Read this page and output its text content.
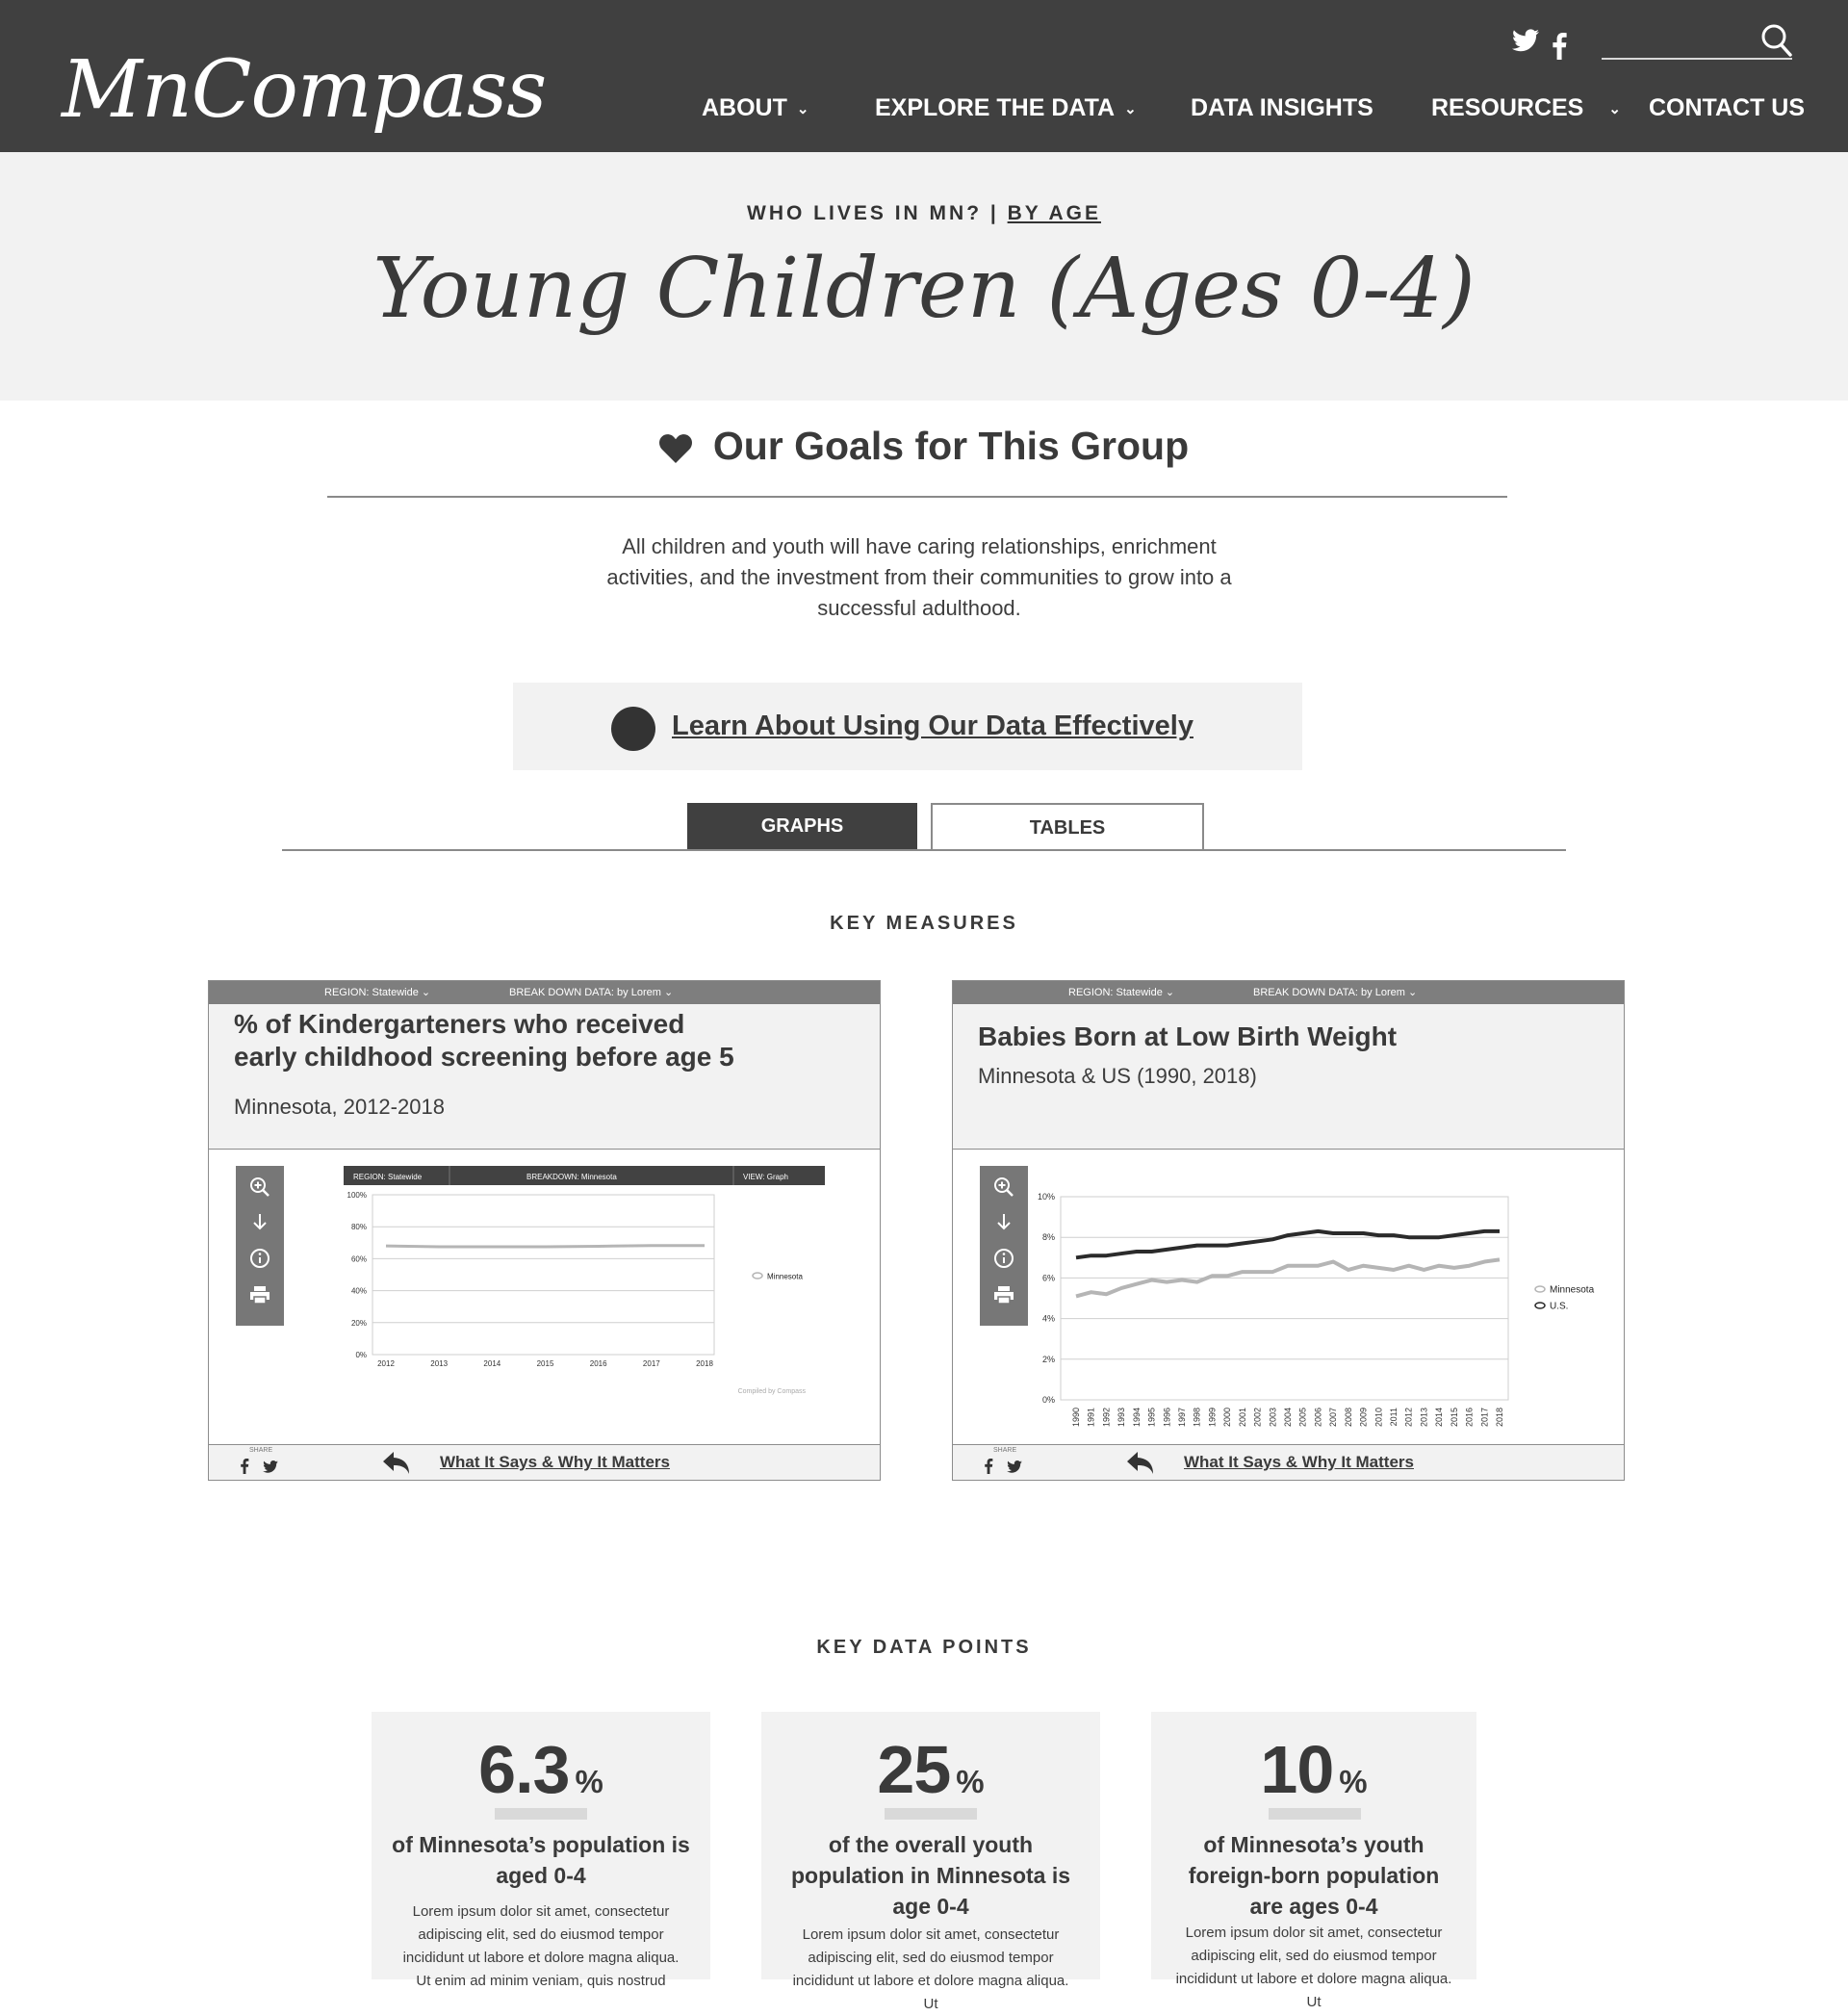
MnCompass	ABOUT ⌄	EXPLORE THE DATA ⌄ DATA INSIGHTS RESOURCES ⌄ CONTACT US
WHO LIVES IN MN? | BY AGE
Young Children (Ages 0-4)
Our Goals for This Group
All children and youth will have caring relationships, enrichment activities, and the investment from their communities to grow into a successful adulthood.
Learn About Using Our Data Effectively
GRAPHS	TABLES
KEY MEASURES
REGION: Statewide ⌄	BREAK DOWN DATA: by Lorem ⌄
% of Kindergarteners who received
early childhood screening before age 5
Minnesota, 2012-2018
REGION: Statewide	BREAKDOWN: Minnesota	VIEW: Graph
100%
80%
60%
40%
20%
0%
2012	2013	2014	2015	2016	2017	2018
Minnesota
Compiled by Compass
SHARE
What It Says & Why It Matters
REGION: Statewide ⌄	BREAK DOWN DATA: by Lorem ⌄
Babies Born at Low Birth Weight
Minnesota & US (1990, 2018)
10%
8%
6%
4%
2%
0%
1990 1991 1992 1993 1994 1995 1996 1997 1998 1999 2000 2001 2002 2003 2004 2005 2006 2007 2008 2009 2010 2011 2012 2013 2014 2015 2016 2017 2018
Minnesota
U.S.
SHARE
What It Says & Why It Matters
KEY DATA POINTS
6.3 %
of Minnesota’s population is aged 0-4
Lorem ipsum dolor sit amet, consectetur adipiscing elit, sed do eiusmod tempor incididunt ut labore et dolore magna aliqua. Ut enim ad minim veniam, quis nostrud
25 %
of the overall youth population in Minnesota is age 0-4
Lorem ipsum dolor sit amet, consectetur adipiscing elit, sed do eiusmod tempor incididunt ut labore et dolore magna aliqua. Ut
10 %
of Minnesota’s youth foreign-born population are ages 0-4
Lorem ipsum dolor sit amet, consectetur adipiscing elit, sed do eiusmod tempor incididunt ut labore et dolore magna aliqua. Ut
